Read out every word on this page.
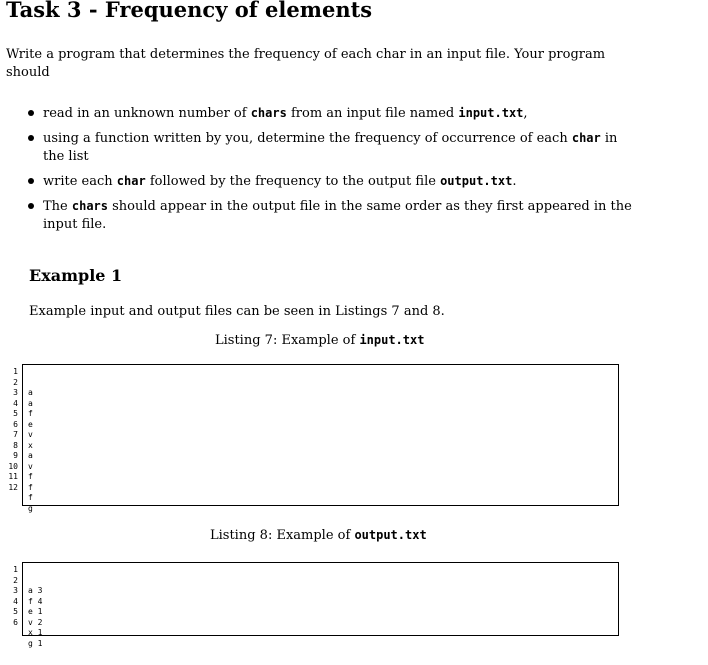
Task 3 - Frequency of elements
Write a program that determines the frequency of each char in an input file. Your program should
read in an unknown number of chars from an input file named input.txt,
using a function written by you, determine the frequency of occurrence of each char in the list
write each char followed by the frequency to the output file output.txt.
The chars should appear in the output file in the same order as they first appeared in the input file.
Example 1
Example input and output files can be seen in Listings 7 and 8.
Listing 7: Example of input.txt
1
2
3
4
5
6
7
8
9
10
11
12

a
a
f
e
v
x
a
v
f
f
f
g

Listing 8: Example of output.txt
1
2
3
4
5
6

a 3
f 4
e 1
v 2
x 1
g 1
